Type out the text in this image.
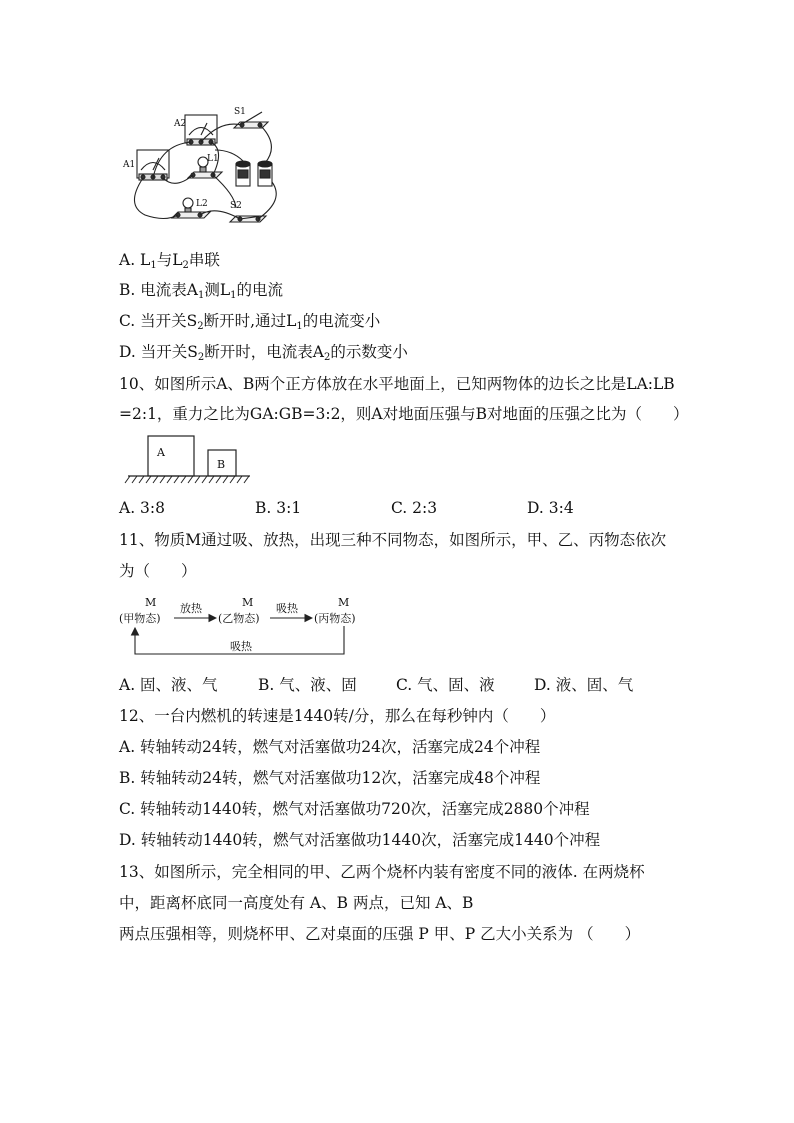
A1
A2
S1
L1
L2 S2
A. $L_1$与$L_2$串联
B. 电流表$A_1$测$L_1$的电流
C. 当开关$S_2$断开时,通过$L_1$的电流变小
D. 当开关$S_2$断开时，电流表$A_2$的示数变小
10、如图所示A、B两个正方体放在水平地面上，已知两物体的边长之比是LA:LB
=2:1，重力之比为GA:GB=3:2，则A对地面压强与B对地面的压强之比为（　　）
A
B
A. 3:8	B. 3:1	C. 2:3	D. 3:4
11、物质M通过吸、放热，出现三种不同物态，如图所示，甲、乙、丙物态依次
为（　　）
M	M	M
(甲物态)	(乙物态)	(丙物态)
放热	吸热
吸热
A. 固、液、气	B. 气、液、固	C. 气、固、液	D. 液、固、气
12、一台内燃机的转速是1440转/分，那么在每秒钟内（　　）
A. 转轴转动24转，燃气对活塞做功24次，活塞完成24个冲程
B. 转轴转动24转，燃气对活塞做功12次，活塞完成48个冲程
C. 转轴转动1440转，燃气对活塞做功720次，活塞完成2880个冲程
D. 转轴转动1440转，燃气对活塞做功1440次，活塞完成1440个冲程
13、如图所示，完全相同的甲、乙两个烧杯内装有密度不同的液体. 在两烧杯
中，距离杯底同一高度处有 A、B 两点，已知 A、B
两点压强相等，则烧杯甲、乙对桌面的压强 P 甲、P 乙大小关系为 （　　）
